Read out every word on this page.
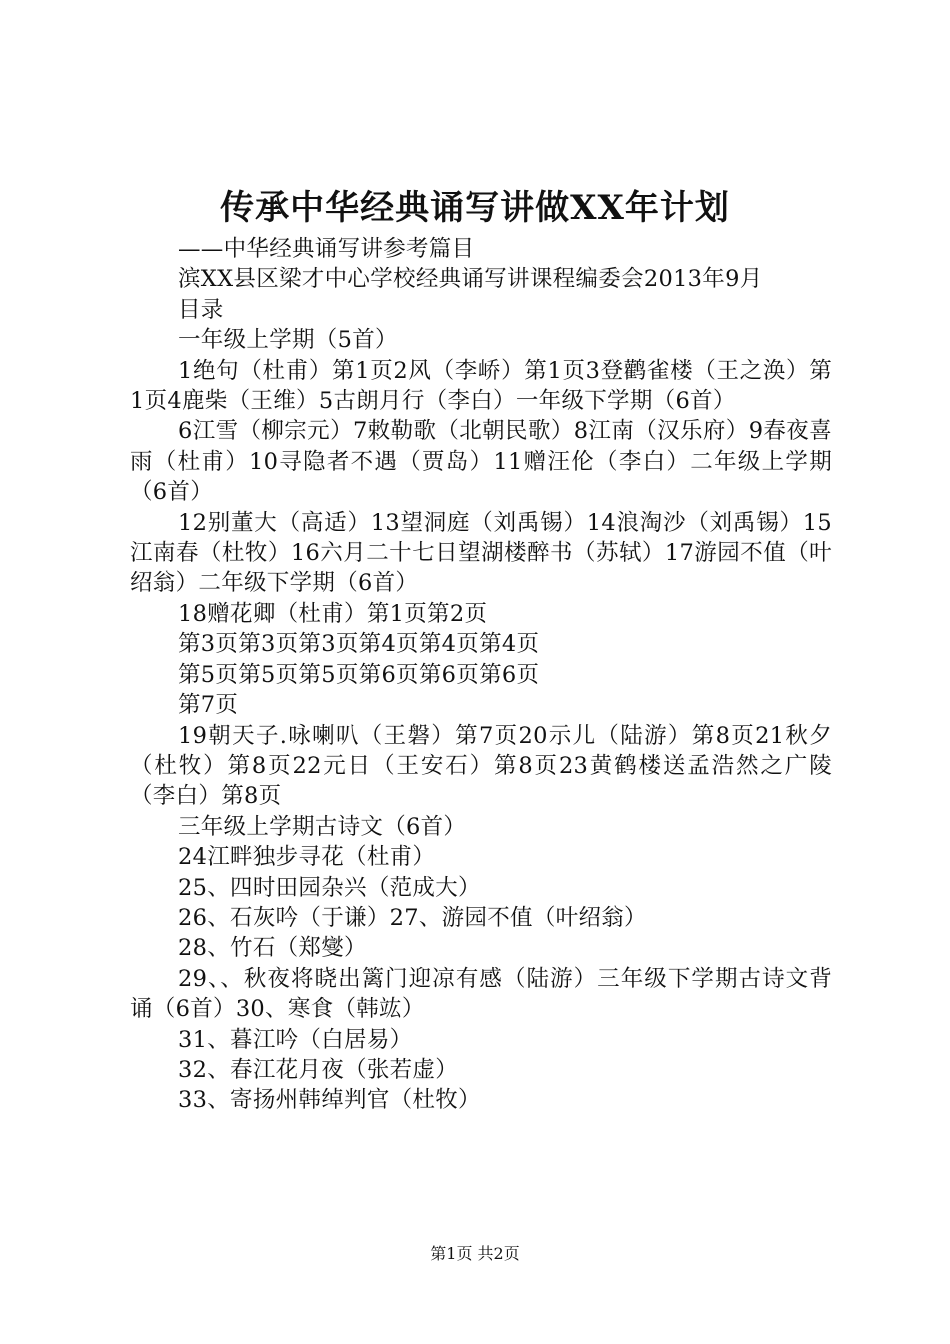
传承中华经典诵写讲做XX年计划

——中华经典诵写讲参考篇目

滨XX县区梁才中心学校经典诵写讲课程编委会2013年9月

目录

一年级上学期（5首）

1绝句（杜甫）第1页2风（李峤）第1页3登鹳雀楼（王之涣）第1页4鹿柴（王维）5古朗月行（李白）一年级下学期（6首）

6江雪（柳宗元）7敕勒歌（北朝民歌）8江南（汉乐府）9春夜喜雨（杜甫）10寻隐者不遇（贾岛）11赠汪伦（李白）二年级上学期（6首）

12别董大（高适）13望洞庭（刘禹锡）14浪淘沙（刘禹锡）15江南春（杜牧）16六月二十七日望湖楼醉书（苏轼）17游园不值（叶绍翁）二年级下学期（6首）

18赠花卿（杜甫）第1页第2页

第3页第3页第3页第4页第4页第4页

第5页第5页第5页第6页第6页第6页

第7页

19朝天子.咏喇叭（王磐）第7页20示儿（陆游）第8页21秋夕（杜牧）第8页22元日（王安石）第8页23黄鹤楼送孟浩然之广陵（李白）第8页

三年级上学期古诗文（6首）

24江畔独步寻花（杜甫）

25、四时田园杂兴（范成大）

26、石灰吟（于谦）27、游园不值（叶绍翁）

28、竹石（郑燮）

29、、秋夜将晓出篱门迎凉有感（陆游）三年级下学期古诗文背诵（6首）30、寒食（韩竑）

31、暮江吟（白居易）

32、春江花月夜（张若虚）

33、寄扬州韩绰判官（杜牧）

第1页 共2页
